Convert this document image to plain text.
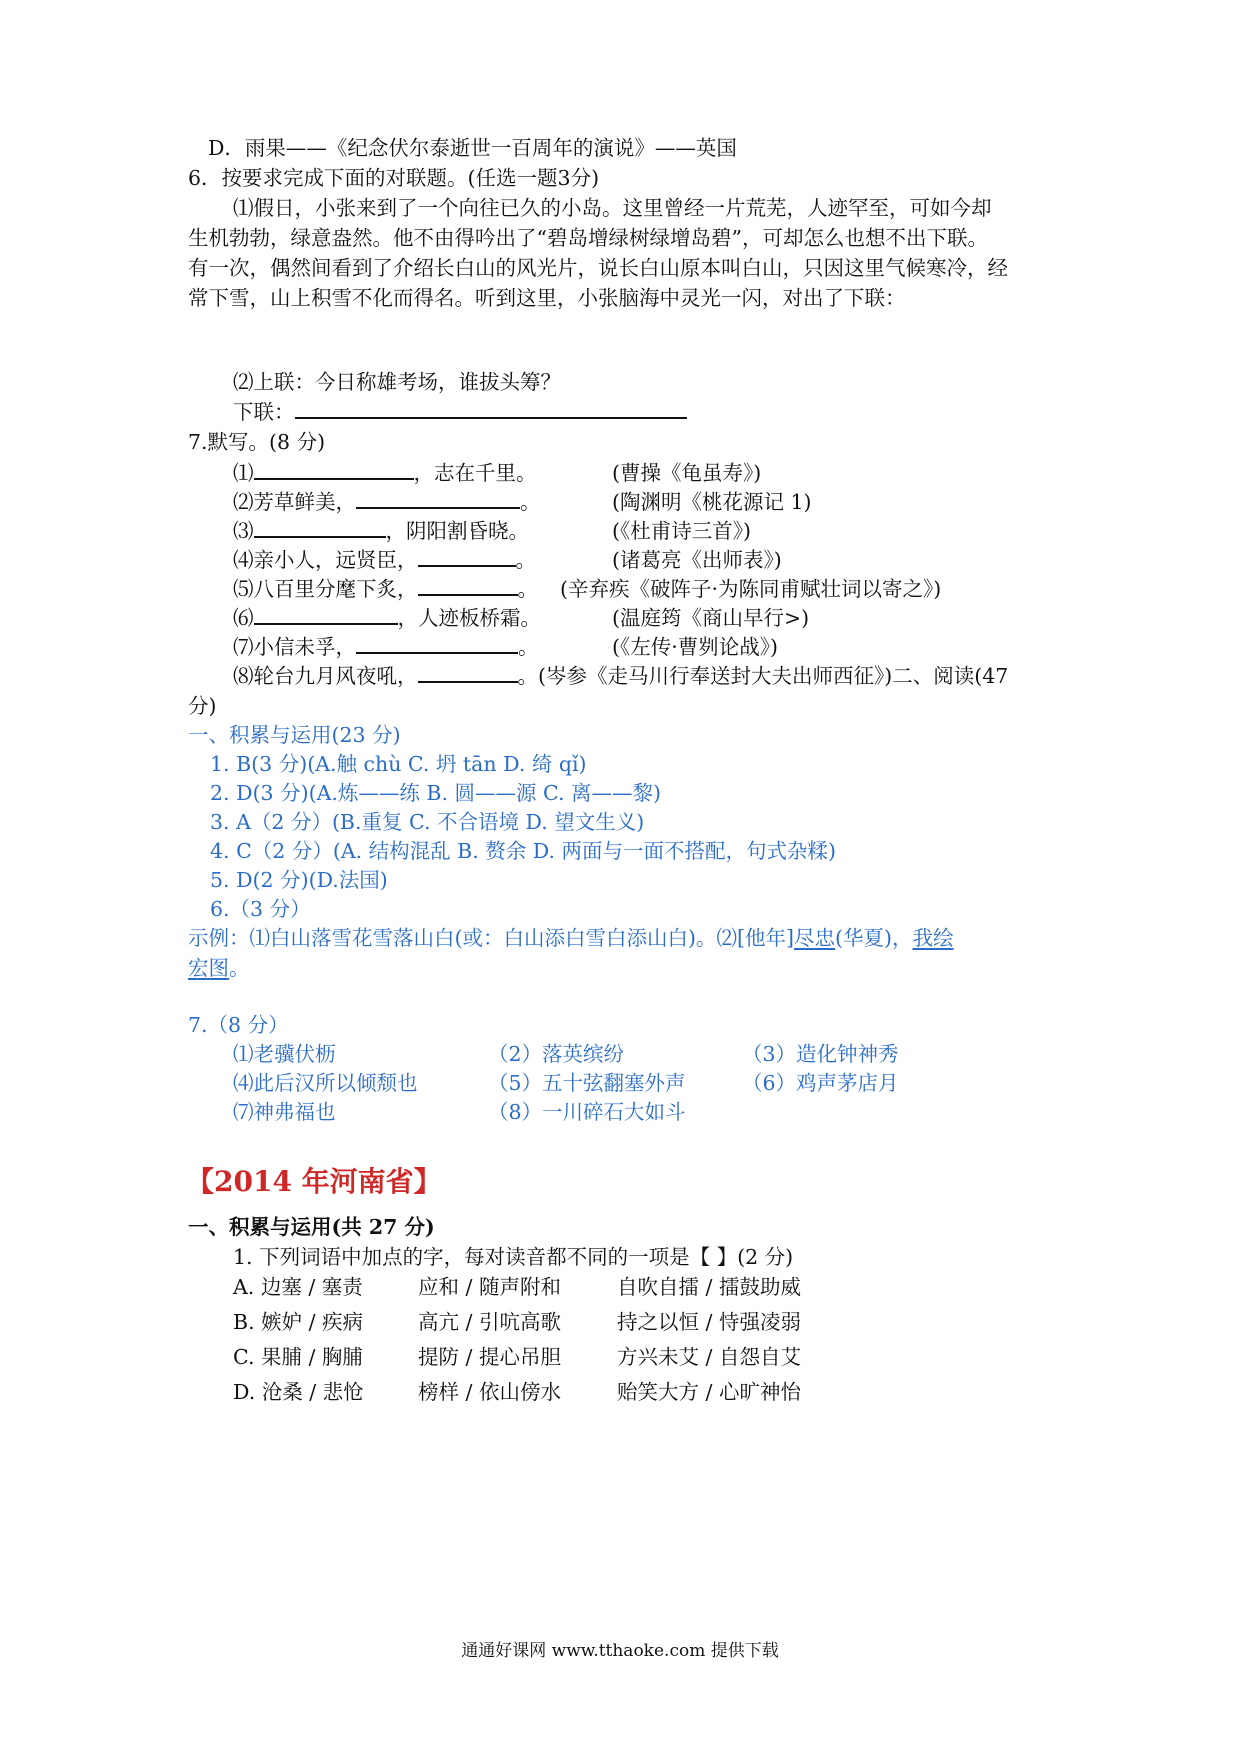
D．雨果——《纪念伏尔泰逝世一百周年的演说》——英国
6．按要求完成下面的对联题。(任选一题3分)
⑴假日，小张来到了一个向往已久的小岛。这里曾经一片荒芜，人迹罕至，可如今却
生机勃勃，绿意盎然。他不由得吟出了“碧岛增绿树绿增岛碧”，可却怎么也想不出下联。
有一次，偶然间看到了介绍长白山的风光片，说长白山原本叫白山，只因这里气候寒冷，经
常下雪，山上积雪不化而得名。听到这里，小张脑海中灵光一闪，对出了下联：
⑵上联：今日称雄考场，谁拔头筹？
下联：
7.默写。(8 分)
⑴	，志在千里。	(曹操《龟虽寿》)
⑵芳草鲜美，	。	(陶渊明《桃花源记 1)
⑶	，阴阳割昏晓。	(《杜甫诗三首》)
⑷亲小人，远贤臣，	。	(诸葛亮《出师表》)
⑸八百里分麾下炙，	。 (辛弃疾《破阵子·为陈同甫赋壮词以寄之》)
⑹	，人迹板桥霜。	(温庭筠《商山早行>)
⑺小信未孚，	。	(《左传·曹刿论战》)
⑻轮台九月风夜吼，	。(岑参《走马川行奉送封大夫出师西征》)二、阅读(47
分)
一、积累与运用(23 分)
1. B(3 分)(A.触 chù C. 坍 tān D. 绮 qǐ)
2. D(3 分)(A.炼——练 B. 圆——源 C. 离——黎)
3. A（2 分）(B.重复 C. 不合语境 D. 望文生义)
4. C（2 分）(A. 结构混乱 B. 赘余 D. 两面与一面不搭配，句式杂糅)
5. D(2 分)(D.法国)
6.（3 分）
示例：⑴白山落雪花雪落山白(或：白山添白雪白添山白)。⑵[他年]尽忠(华夏)，我绘
宏图。
7.（8 分）
⑴老骥伏枥	（2）落英缤纷	（3）造化钟神秀
⑷此后汉所以倾颓也	（5）五十弦翻塞外声	（6）鸡声茅店月
⑺神弗福也	（8）一川碎石大如斗
【2014 年河南省】
一、积累与运用(共 27 分)
1. 下列词语中加点的字，每对读音都不同的一项是【 】(2 分)
A. 边塞 / 塞责	应和 / 随声附和	自吹自擂 / 擂鼓助威
B. 嫉妒 / 疾病	高亢 / 引吭高歌	持之以恒 / 恃强凌弱
C. 果脯 / 胸脯	提防 / 提心吊胆	方兴未艾 / 自怨自艾
D. 沧桑 / 悲怆	榜样 / 依山傍水	贻笑大方 / 心旷神怡
通通好课网 www.tthaoke.com 提供下载
